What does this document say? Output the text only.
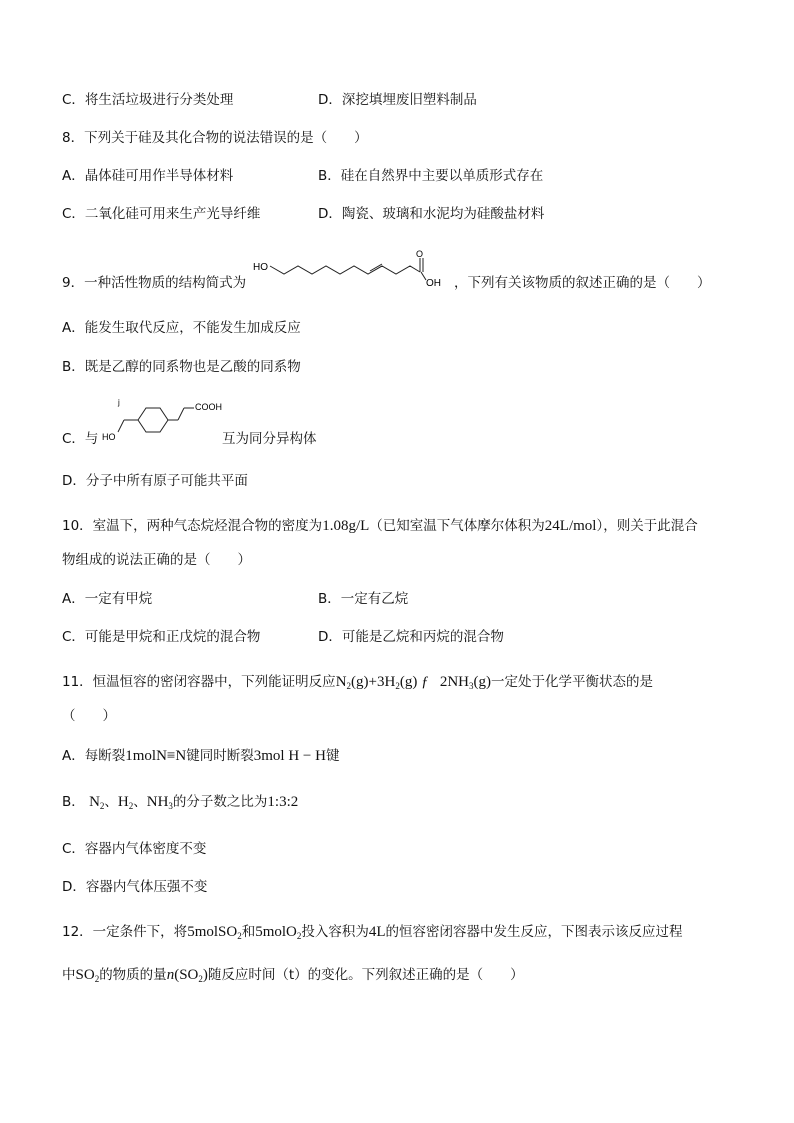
C．将生活垃圾进行分类处理	D．深挖填埋废旧塑料制品
8．下列关于硅及其化合物的说法错误的是（　　）
A．晶体硅可用作半导体材料	B．硅在自然界中主要以单质形式存在
C．二氧化硅可用来生产光导纤维	D．陶瓷、玻璃和水泥均为硅酸盐材料
9．一种活性物质的结构简式为
HO
O
OH ，下列有关该物质的叙述正确的是（　　）
A．能发生取代反应，不能发生加成反应
B．既是乙醇的同系物也是乙酸的同系物
C．与 HO
j	COOH
互为同分异构体
D．分子中所有原子可能共平面
10．室温下，两种气态烷烃混合物的密度为1.08g/L（已知室温下气体摩尔体积为24L/mol），则关于此混合
物组成的说法正确的是（　　）
A．一定有甲烷	B．一定有乙烷
C．可能是甲烷和正戊烷的混合物	D．可能是乙烷和丙烷的混合物
11．恒温恒容的密闭容器中，下列能证明反应$N_2(g)+3H_2(g)$ ƒ $2NH_3(g)$一定处于化学平衡状态的是
（　　）
A．每断裂1molN≡N键同时断裂3mol H − H键
B． $N_2$、$H_2$、$NH_3$的分子数之比为1:3:2
C．容器内气体密度不变
D．容器内气体压强不变
12．一定条件下，将5molSO$_2$和5molO$_2$投入容积为4L的恒容密闭容器中发生反应，下图表示该反应过程
中$SO_2$的物质的量$n(SO_2)$随反应时间（t）的变化。下列叙述正确的是（　　）
